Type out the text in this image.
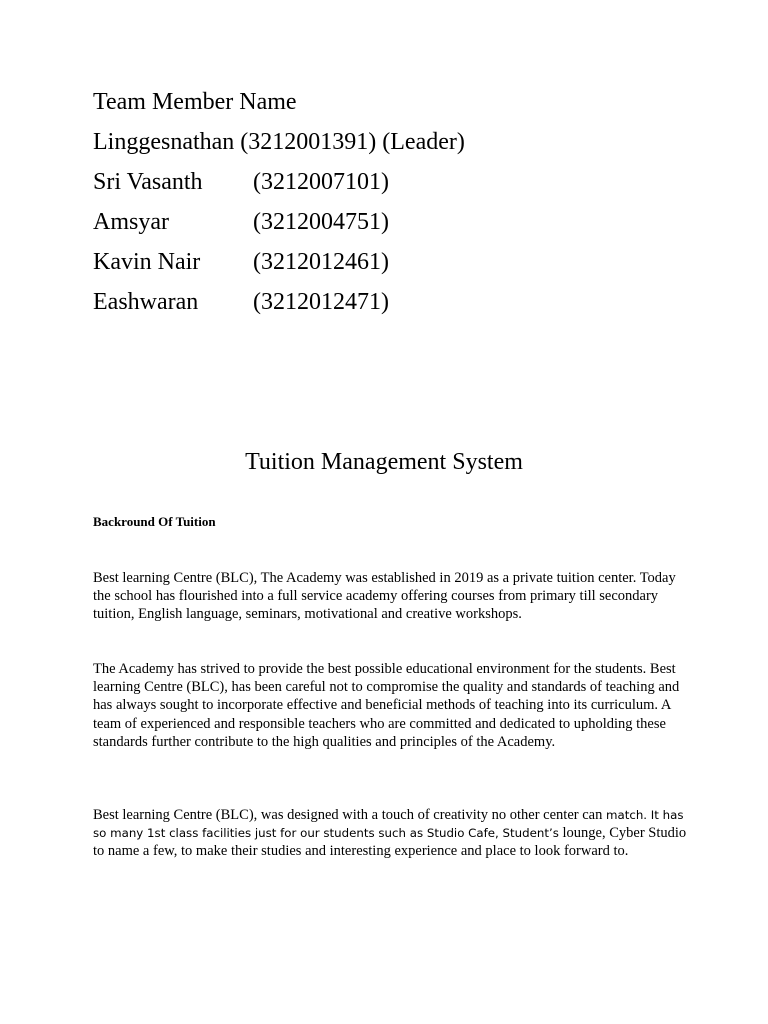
Team Member Name
Linggesnathan (3212001391) (Leader)
Sri Vasanth (3212007101)
Amsyar	(3212004751)
Kavin Nair (3212012461)
Eashwaran (3212012471)
Tuition Management System
Backround Of Tuition

Best learning Centre (BLC), The Academy was established in 2019 as a private tuition center. Today the school has flourished into a full service academy offering courses from primary till secondary tuition, English language, seminars, motivational and creative workshops.

The Academy has strived to provide the best possible educational environment for the students. Best learning Centre (BLC), has been careful not to compromise the quality and standards of teaching and has always sought to incorporate effective and beneficial methods of teaching into its curriculum. A team of experienced and responsible teachers who are committed and dedicated to upholding these standards further contribute to the high qualities and principles of the Academy.

Best learning Centre (BLC), was designed with a touch of creativity no other center can match. It has so many 1st class facilities just for our students such as Studio Cafe, Student’s lounge, Cyber Studio to name a few, to make their studies and interesting experience and place to look forward to.
